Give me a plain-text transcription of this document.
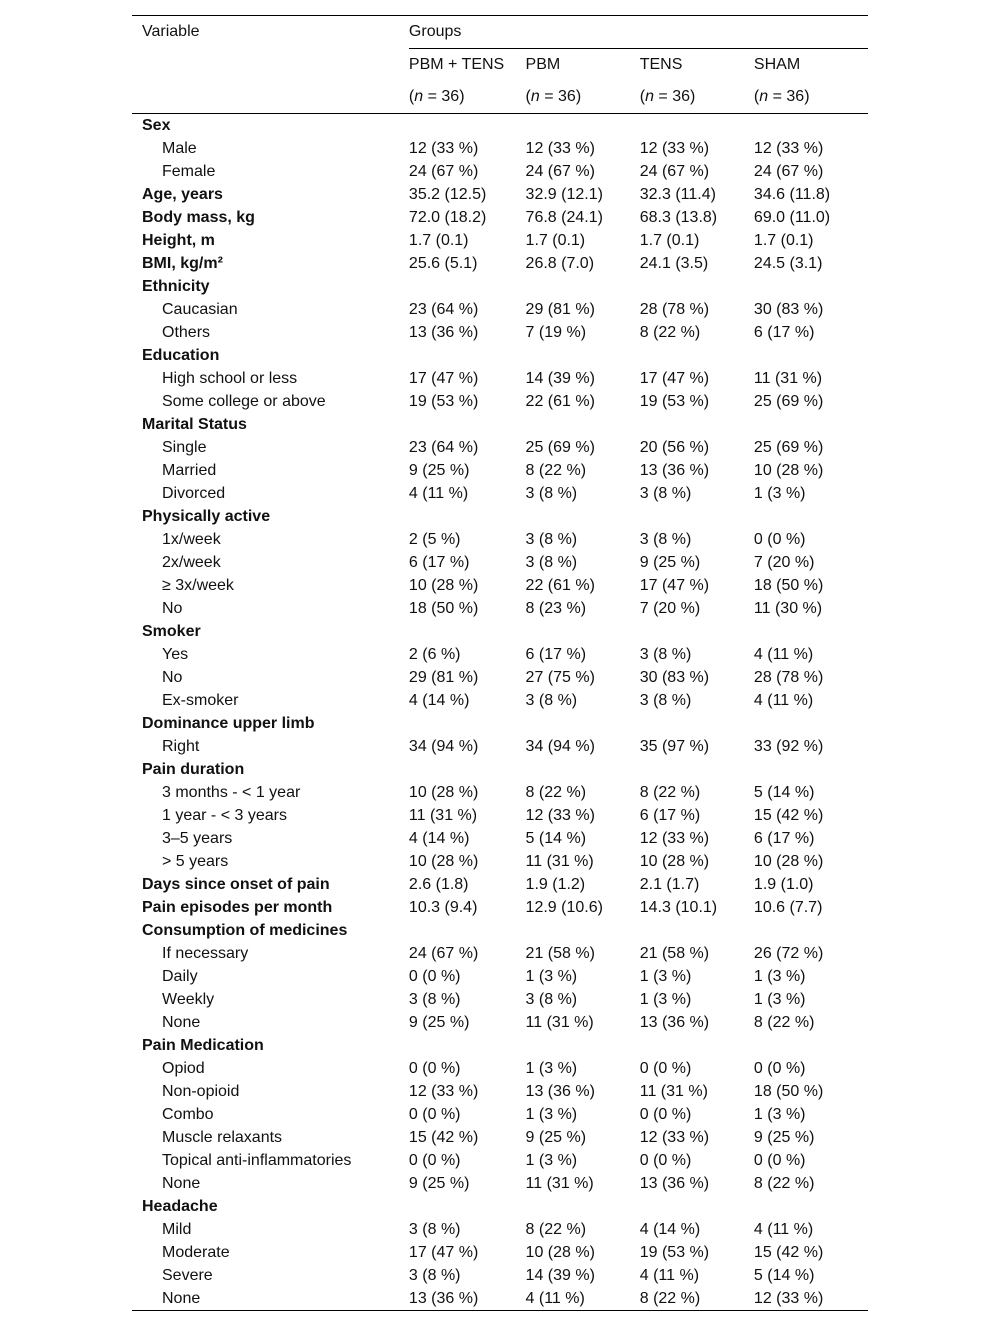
Variable	Groups			
	PBM + TENS	PBM	TENS	SHAM
	(n = 36)	(n = 36)	(n = 36)	(n = 36)
Sex				
Male	12 (33 %)	12 (33 %)	12 (33 %)	12 (33 %)
Female	24 (67 %)	24 (67 %)	24 (67 %)	24 (67 %)
Age, years	35.2 (12.5)	32.9 (12.1)	32.3 (11.4)	34.6 (11.8)
Body mass, kg	72.0 (18.2)	76.8 (24.1)	68.3 (13.8)	69.0 (11.0)
Height, m	1.7 (0.1)	1.7 (0.1)	1.7 (0.1)	1.7 (0.1)
BMI, kg/m²	25.6 (5.1)	26.8 (7.0)	24.1 (3.5)	24.5 (3.1)
Ethnicity				
Caucasian	23 (64 %)	29 (81 %)	28 (78 %)	30 (83 %)
Others	13 (36 %)	7 (19 %)	8 (22 %)	6 (17 %)
Education				
High school or less	17 (47 %)	14 (39 %)	17 (47 %)	11 (31 %)
Some college or above	19 (53 %)	22 (61 %)	19 (53 %)	25 (69 %)
Marital Status				
Single	23 (64 %)	25 (69 %)	20 (56 %)	25 (69 %)
Married	9 (25 %)	8 (22 %)	13 (36 %)	10 (28 %)
Divorced	4 (11 %)	3 (8 %)	3 (8 %)	1 (3 %)
Physically active				
1x/week	2 (5 %)	3 (8 %)	3 (8 %)	0 (0 %)
2x/week	6 (17 %)	3 (8 %)	9 (25 %)	7 (20 %)
≥ 3x/week	10 (28 %)	22 (61 %)	17 (47 %)	18 (50 %)
No	18 (50 %)	8 (23 %)	7 (20 %)	11 (30 %)
Smoker				
Yes	2 (6 %)	6 (17 %)	3 (8 %)	4 (11 %)
No	29 (81 %)	27 (75 %)	30 (83 %)	28 (78 %)
Ex-smoker	4 (14 %)	3 (8 %)	3 (8 %)	4 (11 %)
Dominance upper limb				
Right	34 (94 %)	34 (94 %)	35 (97 %)	33 (92 %)
Pain duration				
3 months - < 1 year	10 (28 %)	8 (22 %)	8 (22 %)	5 (14 %)
1 year - < 3 years	11 (31 %)	12 (33 %)	6 (17 %)	15 (42 %)
3–5 years	4 (14 %)	5 (14 %)	12 (33 %)	6 (17 %)
˃ 5 years	10 (28 %)	11 (31 %)	10 (28 %)	10 (28 %)
Days since onset of pain	2.6 (1.8)	1.9 (1.2)	2.1 (1.7)	1.9 (1.0)
Pain episodes per month	10.3 (9.4)	12.9 (10.6)	14.3 (10.1)	10.6 (7.7)
Consumption of medicines				
If necessary	24 (67 %)	21 (58 %)	21 (58 %)	26 (72 %)
Daily	0 (0 %)	1 (3 %)	1 (3 %)	1 (3 %)
Weekly	3 (8 %)	3 (8 %)	1 (3 %)	1 (3 %)
None	9 (25 %)	11 (31 %)	13 (36 %)	8 (22 %)
Pain Medication				
Opiod	0 (0 %)	1 (3 %)	0 (0 %)	0 (0 %)
Non-opioid	12 (33 %)	13 (36 %)	11 (31 %)	18 (50 %)
Combo	0 (0 %)	1 (3 %)	0 (0 %)	1 (3 %)
Muscle relaxants	15 (42 %)	9 (25 %)	12 (33 %)	9 (25 %)
Topical anti-inflammatories	0 (0 %)	1 (3 %)	0 (0 %)	0 (0 %)
None	9 (25 %)	11 (31 %)	13 (36 %)	8 (22 %)
Headache				
Mild	3 (8 %)	8 (22 %)	4 (14 %)	4 (11 %)
Moderate	17 (47 %)	10 (28 %)	19 (53 %)	15 (42 %)
Severe	3 (8 %)	14 (39 %)	4 (11 %)	5 (14 %)
None	13 (36 %)	4 (11 %)	8 (22 %)	12 (33 %)
